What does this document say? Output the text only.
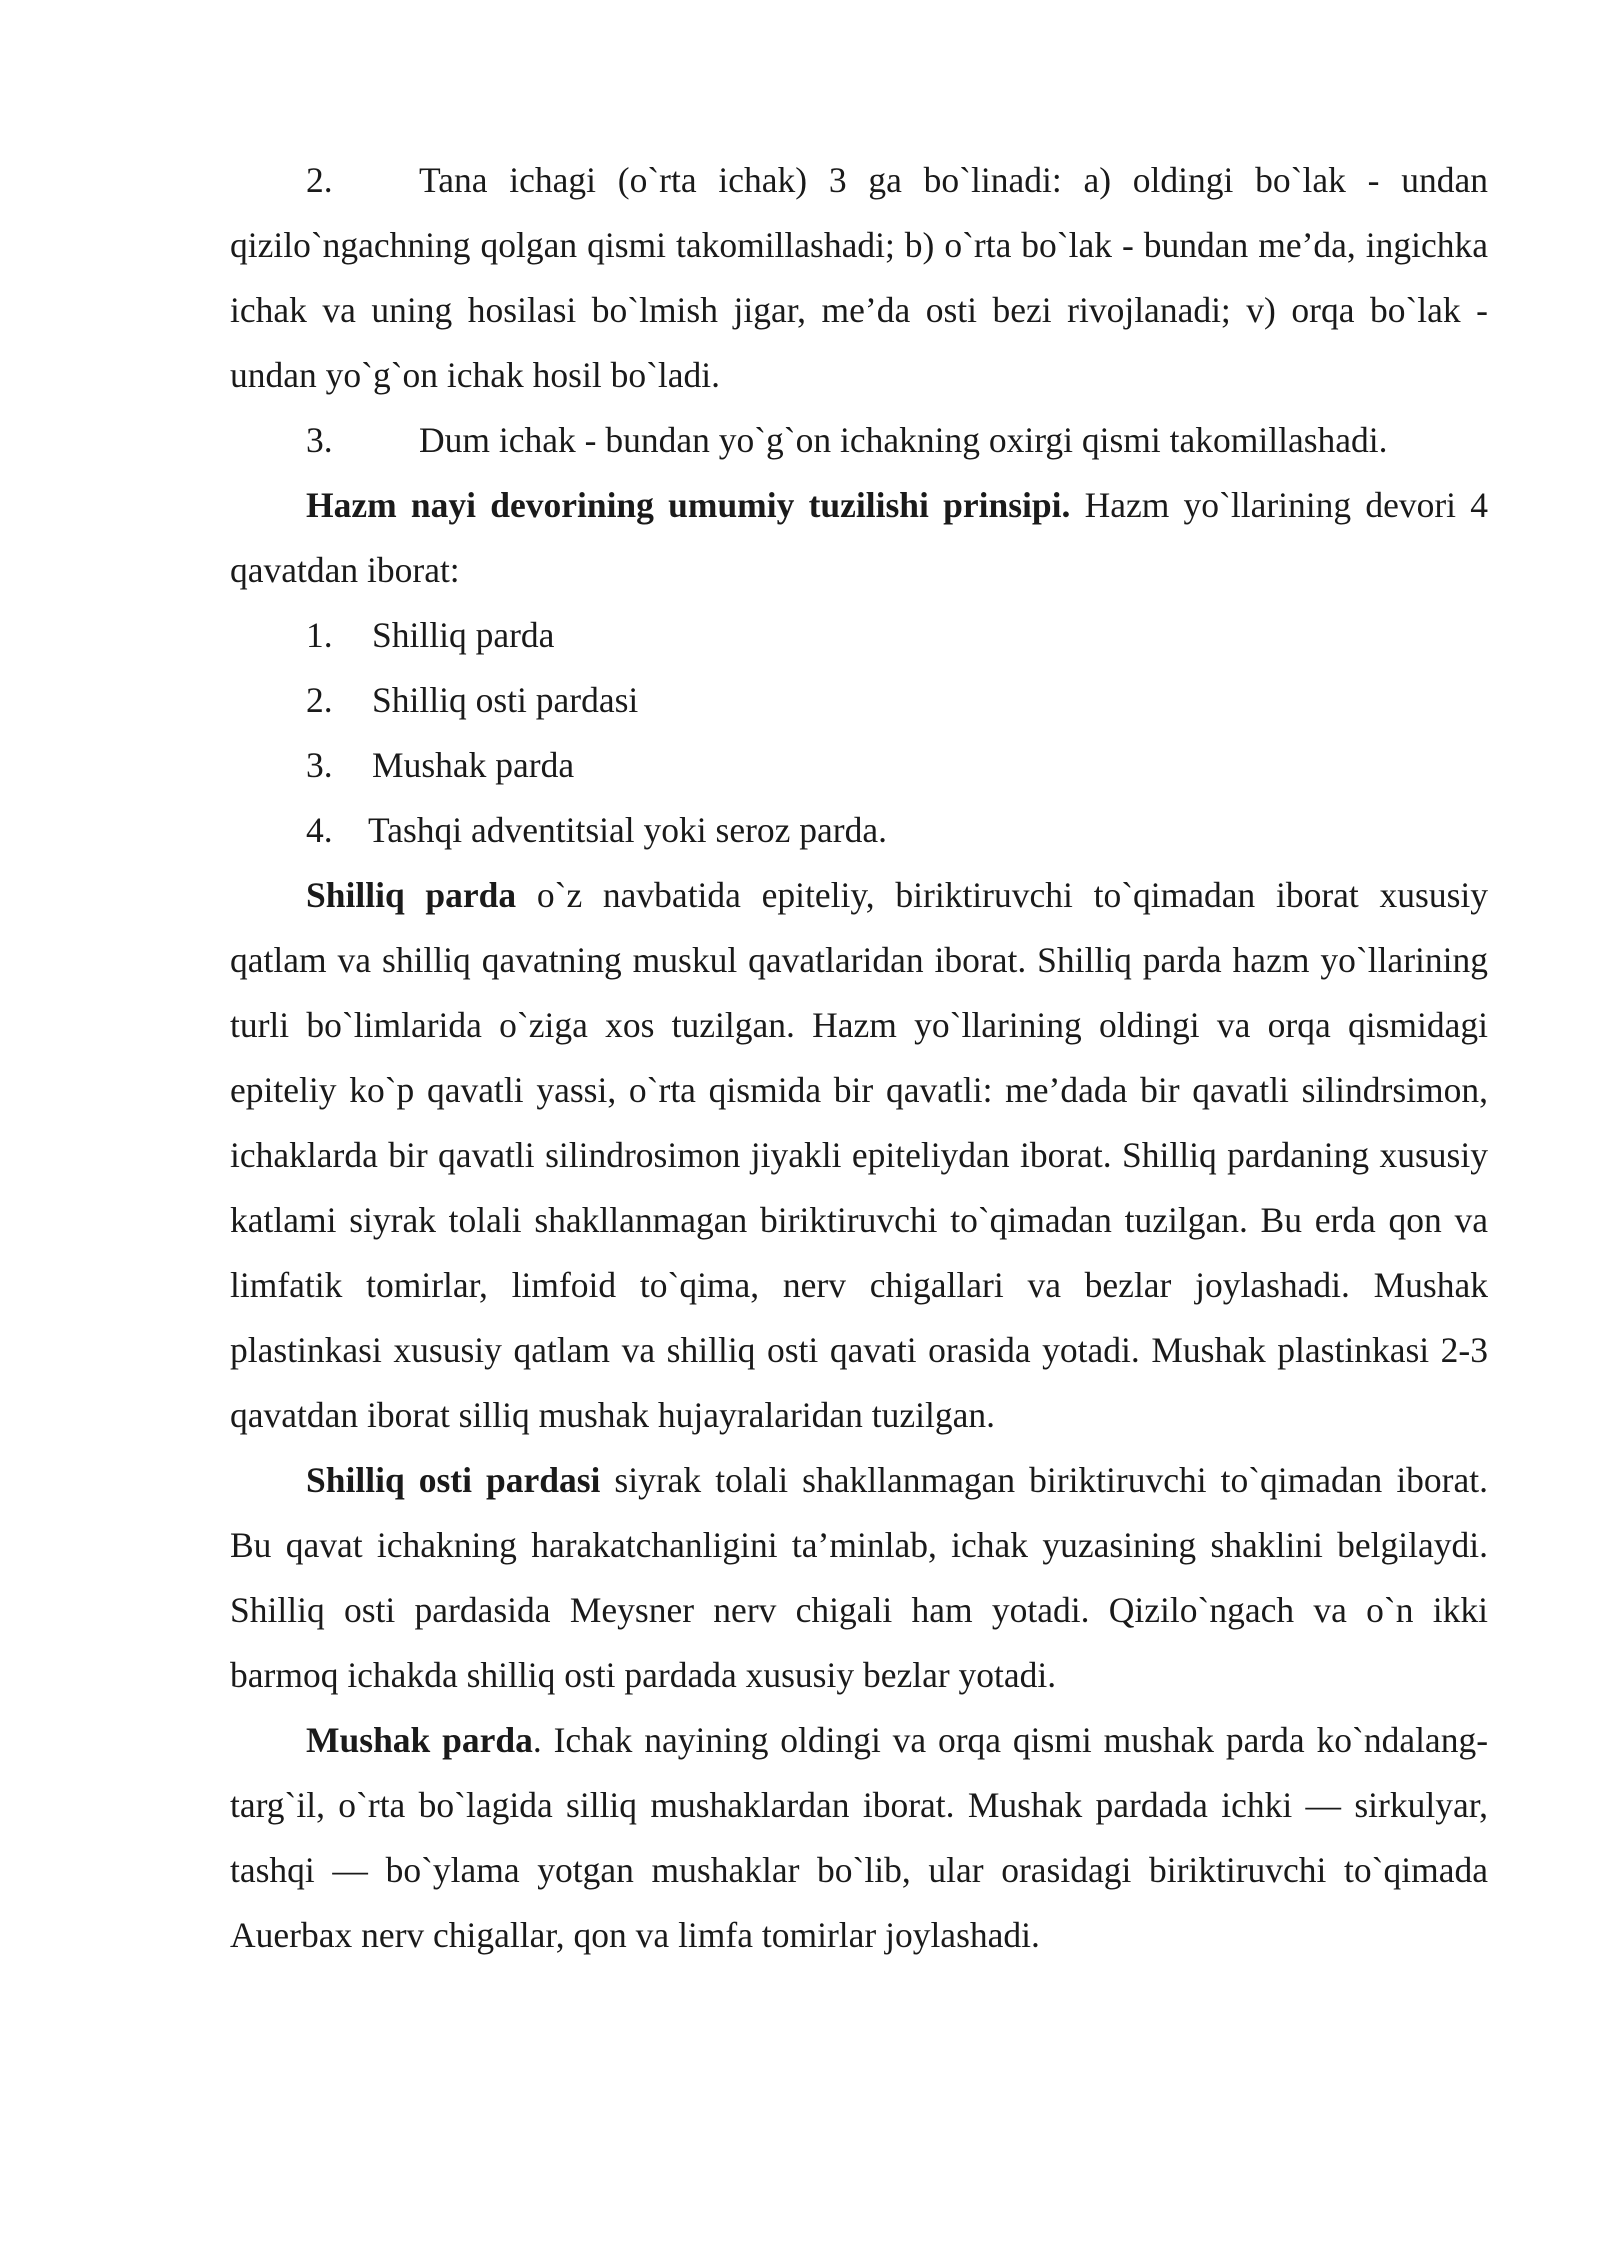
2. Tana ichagi (o`rta ichak) 3 ga bo`linadi: a) oldingi bo`lak - undan qizilo`ngachning qolgan qismi takomillashadi; b) o`rta bo`lak - bundan me’da, ingichka ichak va uning hosilasi bo`lmish jigar, me’da osti bezi rivojlanadi; v) orqa bo`lak - undan yo`g`on ichak hosil bo`ladi.

3. Dum ichak - bundan yo`g`on ichakning oxirgi qismi takomillashadi.

Hazm nayi devorining umumiy tuzilishi prinsipi. Hazm yo`llarining devori 4 qavatdan iborat:

1. Shilliq parda
2. Shilliq osti pardasi
3. Mushak parda
4. Tashqi adventitsial yoki seroz parda.

Shilliq parda o`z navbatida epiteliy, biriktiruvchi to`qimadan iborat xususiy qatlam va shilliq qavatning muskul qavatlaridan iborat. Shilliq parda hazm yo`llarining turli bo`limlarida o`ziga xos tuzilgan. Hazm yo`llarining oldingi va orqa qismidagi epiteliy ko`p qavatli yassi, o`rta qismida bir qavatli: me’dada bir qavatli silindrsimon, ichaklarda bir qavatli silindrosimon jiyakli epiteliydan iborat. Shilliq pardaning xususiy katlami siyrak tolali shakllanmagan biriktiruvchi to`qimadan tuzilgan. Bu erda qon va limfatik tomirlar, limfoid to`qima, nerv chigallari va bezlar joylashadi. Mushak plastinkasi xususiy qatlam va shilliq osti qavati orasida yotadi. Mushak plastinkasi 2-3 qavatdan iborat silliq mushak hujayralaridan tuzilgan.

Shilliq osti pardasi siyrak tolali shakllanmagan biriktiruvchi to`qimadan iborat. Bu qavat ichakning harakatchanligini ta’minlab, ichak yuzasining shaklini belgilaydi. Shilliq osti pardasida Meysner nerv chigali ham yotadi. Qizilo`ngach va o`n ikki barmoq ichakda shilliq osti pardada xususiy bezlar yotadi.

Mushak parda. Ichak nayining oldingi va orqa qismi mushak parda ko`ndalang-targ`il, o`rta bo`lagida silliq mushaklardan iborat. Mushak pardada ichki — sirkulyar, tashqi — bo`ylama yotgan mushaklar bo`lib, ular orasidagi biriktiruvchi to`qimada Auerbax nerv chigallar, qon va limfa tomirlar joylashadi.
